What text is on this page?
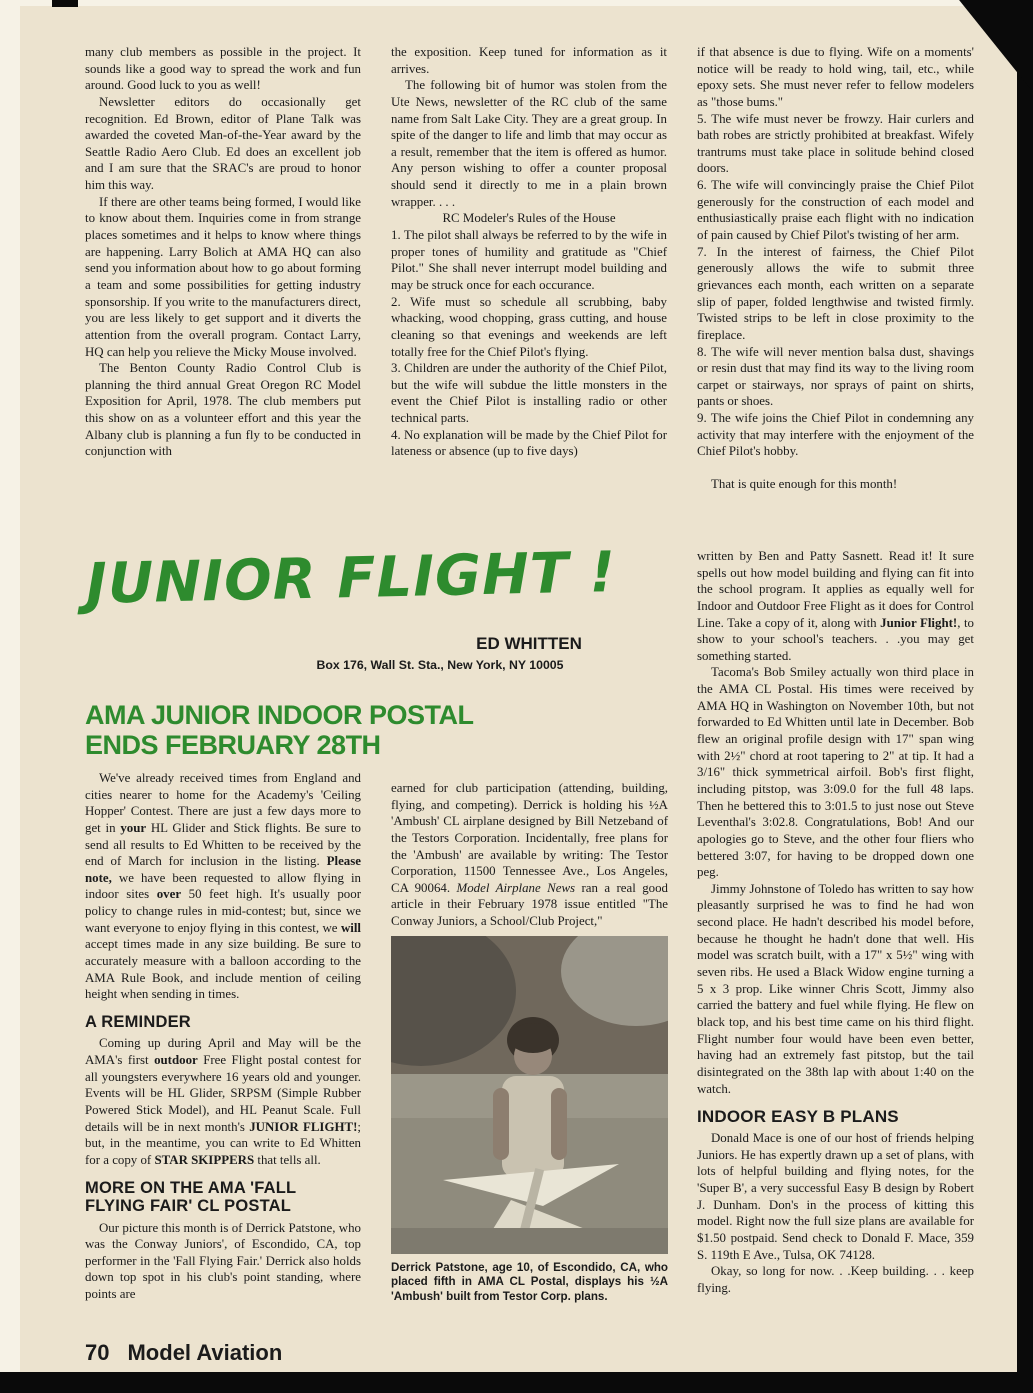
many club members as possible in the project. It sounds like a good way to spread the work and fun around. Good luck to you as well!

Newsletter editors do occasionally get recognition. Ed Brown, editor of Plane Talk was awarded the coveted Man-of-the-Year award by the Seattle Radio Aero Club. Ed does an excellent job and I am sure that the SRAC's are proud to honor him this way.

If there are other teams being formed, I would like to know about them. Inquiries come in from strange places sometimes and it helps to know where things are happening. Larry Bolich at AMA HQ can also send you information about how to go about forming a team and some possibilities for getting industry sponsorship. If you write to the manufacturers direct, you are less likely to get support and it diverts the attention from the overall program. Contact Larry, HQ can help you relieve the Micky Mouse involved.

The Benton County Radio Control Club is planning the third annual Great Oregon RC Model Exposition for April, 1978. The club members put this show on as a volunteer effort and this year the Albany club is planning a fun fly to be conducted in conjunction with

the exposition. Keep tuned for information as it arrives.

The following bit of humor was stolen from the Ute News, newsletter of the RC club of the same name from Salt Lake City. They are a great group. In spite of the danger to life and limb that may occur as a result, remember that the item is offered as humor. Any person wishing to offer a counter proposal should send it directly to me in a plain brown wrapper. . . .

RC Modeler's Rules of the House

1. The pilot shall always be referred to by the wife in proper tones of humility and gratitude as "Chief Pilot." She shall never interrupt model building and may be struck once for each occurance.

2. Wife must so schedule all scrubbing, baby whacking, wood chopping, grass cutting, and house cleaning so that evenings and weekends are left totally free for the Chief Pilot's flying.

3. Children are under the authority of the Chief Pilot, but the wife will subdue the little monsters in the event the Chief Pilot is installing radio or other technical parts.

4. No explanation will be made by the Chief Pilot for lateness or absence (up to five days)

if that absence is due to flying. Wife on a moments' notice will be ready to hold wing, tail, etc., while epoxy sets. She must never refer to fellow modelers as "those bums."

5. The wife must never be frowzy. Hair curlers and bath robes are strictly prohibited at breakfast. Wifely trantrums must take place in solitude behind closed doors.

6. The wife will convincingly praise the Chief Pilot generously for the construction of each model and enthusiastically praise each flight with no indication of pain caused by Chief Pilot's twisting of her arm.

7. In the interest of fairness, the Chief Pilot generously allows the wife to submit three grievances each month, each written on a separate slip of paper, folded lengthwise and twisted firmly. Twisted strips to be left in close proximity to the fireplace.

8. The wife will never mention balsa dust, shavings or resin dust that may find its way to the living room carpet or stairways, nor sprays of paint on shirts, pants or shoes.

9. The wife joins the Chief Pilot in condemning any activity that may interfere with the enjoyment of the Chief Pilot's hobby.

That is quite enough for this month!

JUNIOR FLIGHT !
ED WHITTEN
Box 176, Wall St. Sta., New York, NY 10005
AMA JUNIOR INDOOR POSTAL
ENDS FEBRUARY 28TH

We've already received times from England and cities nearer to home for the Academy's 'Ceiling Hopper' Contest. There are just a few days more to get in your HL Glider and Stick flights. Be sure to send all results to Ed Whitten to be received by the end of March for inclusion in the listing. Please note, we have been requested to allow flying in indoor sites over 50 feet high. It's usually poor policy to change rules in mid-contest; but, since we want everyone to enjoy flying in this contest, we will accept times made in any size building. Be sure to accurately measure with a balloon according to the AMA Rule Book, and include mention of ceiling height when sending in times.

A REMINDER

Coming up during April and May will be the AMA's first outdoor Free Flight postal contest for all youngsters everywhere 16 years old and younger. Events will be HL Glider, SRPSM (Simple Rubber Powered Stick Model), and HL Peanut Scale. Full details will be in next month's JUNIOR FLIGHT!; but, in the meantime, you can write to Ed Whitten for a copy of STAR SKIPPERS that tells all.

MORE ON THE AMA 'FALL FLYING FAIR' CL POSTAL

Our picture this month is of Derrick Patstone, who was the Conway Juniors', of Escondido, CA, top performer in the 'Fall Flying Fair.' Derrick also holds down top spot in his club's point standing, where points are

earned for club participation (attending, building, flying, and competing). Derrick is holding his ½A 'Ambush' CL airplane designed by Bill Netzeband of the Testors Corporation. Incidentally, free plans for the 'Ambush' are available by writing: The Testor Corporation, 11500 Tennessee Ave., Los Angeles, CA 90064. Model Airplane News ran a real good article in their February 1978 issue entitled "The Conway Juniors, a School/Club Project,"

Derrick Patstone, age 10, of Escondido, CA, who placed fifth in AMA CL Postal, displays his ½A 'Ambush' built from Testor Corp. plans.

written by Ben and Patty Sasnett. Read it! It sure spells out how model building and flying can fit into the school program. It applies as equally well for Indoor and Outdoor Free Flight as it does for Control Line. Take a copy of it, along with Junior Flight!, to show to your school's teachers. . .you may get something started.

Tacoma's Bob Smiley actually won third place in the AMA CL Postal. His times were received by AMA HQ in Washington on November 10th, but not forwarded to Ed Whitten until late in December. Bob flew an original profile design with 17" span wing with 2½" chord at root tapering to 2" at tip. It had a 3/16" thick symmetrical airfoil. Bob's first flight, including pitstop, was 3:09.0 for the full 48 laps. Then he bettered this to 3:01.5 to just nose out Steve Leventhal's 3:02.8. Congratulations, Bob! And our apologies go to Steve, and the other four fliers who bettered 3:07, for having to be dropped down one peg.

Jimmy Johnstone of Toledo has written to say how pleasantly surprised he was to find he had won second place. He hadn't described his model before, because he thought he hadn't done that well. His model was scratch built, with a 17" x 5½" wing with seven ribs. He used a Black Widow engine turning a 5 x 3 prop. Like winner Chris Scott, Jimmy also carried the battery and fuel while flying. He flew on black top, and his best time came on his third flight. Flight number four would have been even better, having had an extremely fast pitstop, but the tail disintegrated on the 38th lap with about 1:40 on the watch.

INDOOR EASY B PLANS

Donald Mace is one of our host of friends helping Juniors. He has expertly drawn up a set of plans, with lots of helpful building and flying notes, for the 'Super B', a very successful Easy B design by Robert J. Dunham. Don's in the process of kitting this model. Right now the full size plans are available for $1.50 postpaid. Send check to Donald F. Mace, 359 S. 119th E Ave., Tulsa, OK 74128.

Okay, so long for now. . .Keep building. . . keep flying.

70 Model Aviation
